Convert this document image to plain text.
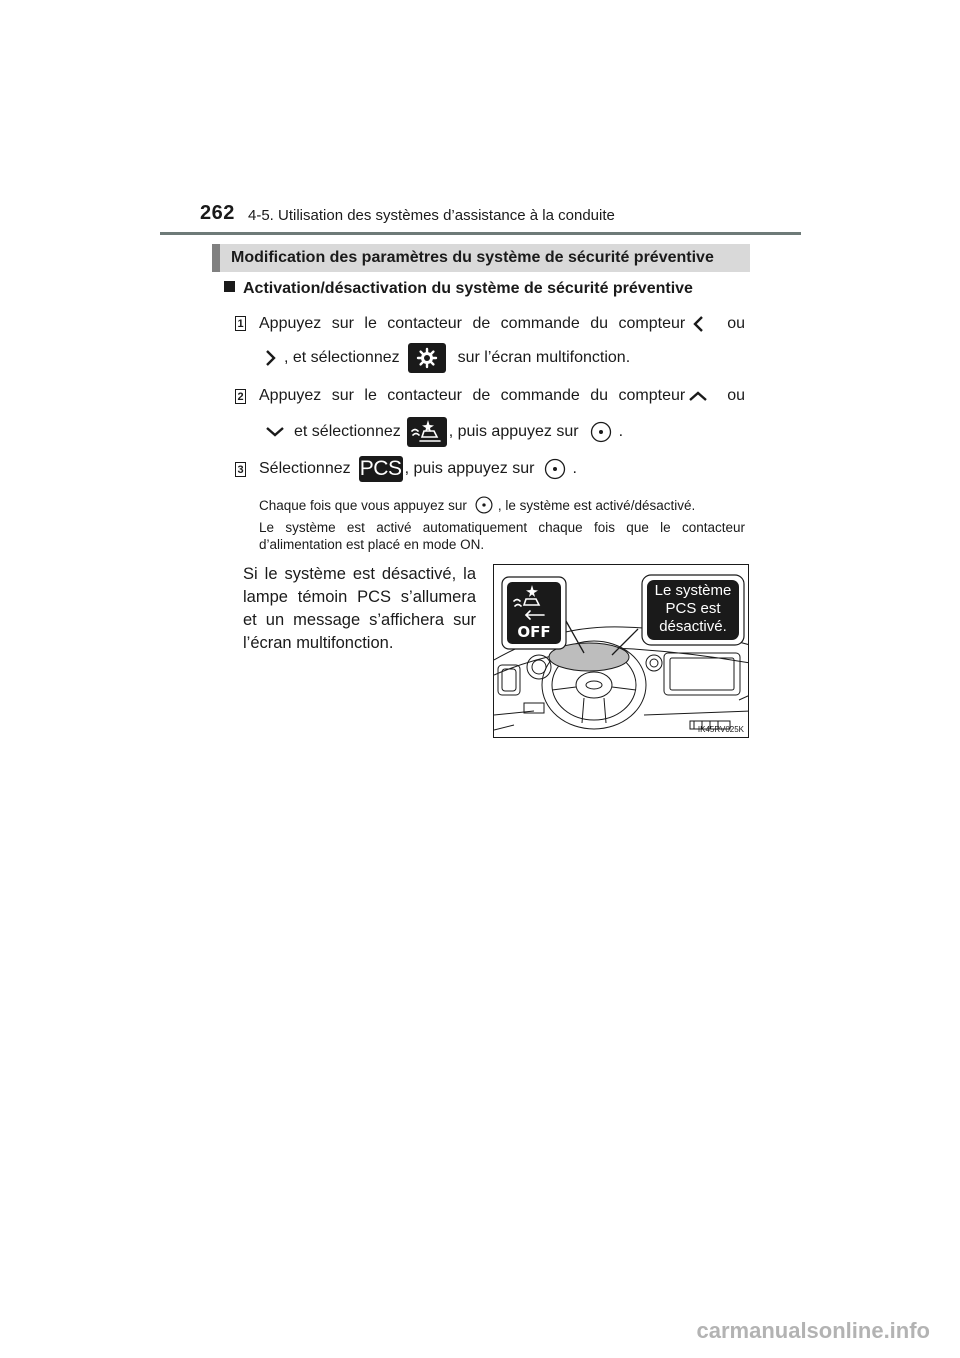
262 4-5. Utilisation des systèmes d’assistance à la conduite
Modification des paramètres du système de sécurité préventive
Activation/désactivation du système de sécurité préventive
1 Appuyez sur le contacteur de commande du compteur	ou
, et sélectionnez	sur l’écran multifonction.
2 Appuyez sur le contacteur de commande du compteur	ou
et sélectionnez	, puis appuyez sur	.
3 Sélectionnez PCS , puis appuyez sur .
Chaque fois que vous appuyez sur , le système est activé/désactivé.
Le système est activé automatiquement chaque fois que le contacteur
d’alimentation est placé en mode ON.
Si le système est désactivé, la lampe témoin PCS s’allumera et un message s’affichera sur l’écran multifonction.
OFF
Le système
PCS est
désactivé.
IK45RV025K
carmanualsonline.info
